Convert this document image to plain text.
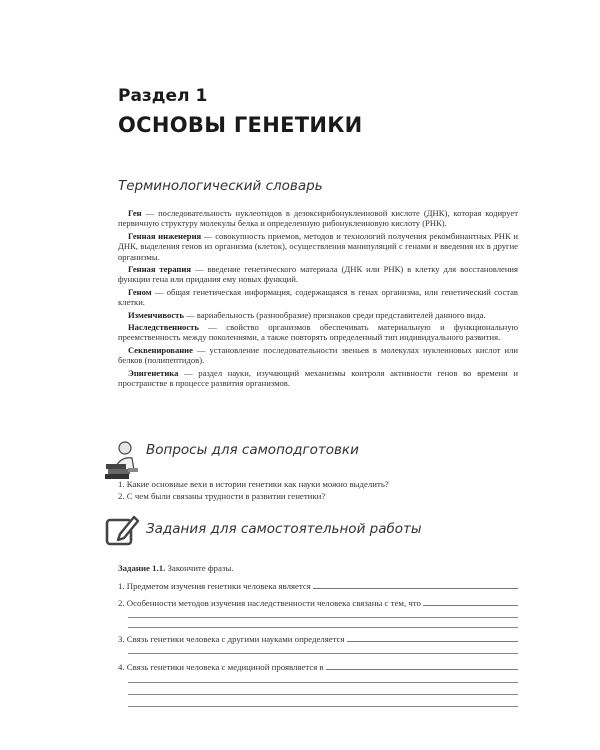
Раздел 1
ОСНОВЫ ГЕНЕТИКИ
Терминологический словарь

Ген — последовательность нуклеотидов в дезоксирибонуклеиновой кислоте (ДНК), которая кодирует первичную структуру молекулы белка и определенную рибонуклеиновую кислоту (РНК).

Генная инженерия — совокупность приемов, методов и технологий получения рекомбинантных РНК и ДНК, выделения генов из организма (клеток), осуществления манипуляций с генами и введения их в другие организмы.

Генная терапия — введение генетического материала (ДНК или РНК) в клетку для восстановления функции гена или придания ему новых функций.

Геном — общая генетическая информация, содержащаяся в генах организма, или генетический состав клетки.

Изменчивость — вариабельность (разнообразие) признаков среди представителей данного вида.

Наследственность — свойство организмов обеспечивать материальную и функциональную преемственность между поколениями, а также повторять определенный тип индивидуального развития.

Секвенирование — установление последовательности звеньев в молекулах нуклеиновых кислот или белков (полипептидов).

Эпигенетика — раздел науки, изучающий механизмы контроля активности генов во времени и пространстве в процессе развития организмов.

Вопросы для самоподготовки
1. Какие основные вехи в истории генетики как науки можно выделить?
2. С чем были связаны трудности в развитии генетики?
Задания для самостоятельной работы
Задание 1.1. Закончите фразы.
1. Предметом изучения генетики человека является
2. Особенности методов изучения наследственности человека связаны с тем, что
3. Связь генетики человека с другими науками определяется
4. Связь генетики человека с медициной проявляется в
